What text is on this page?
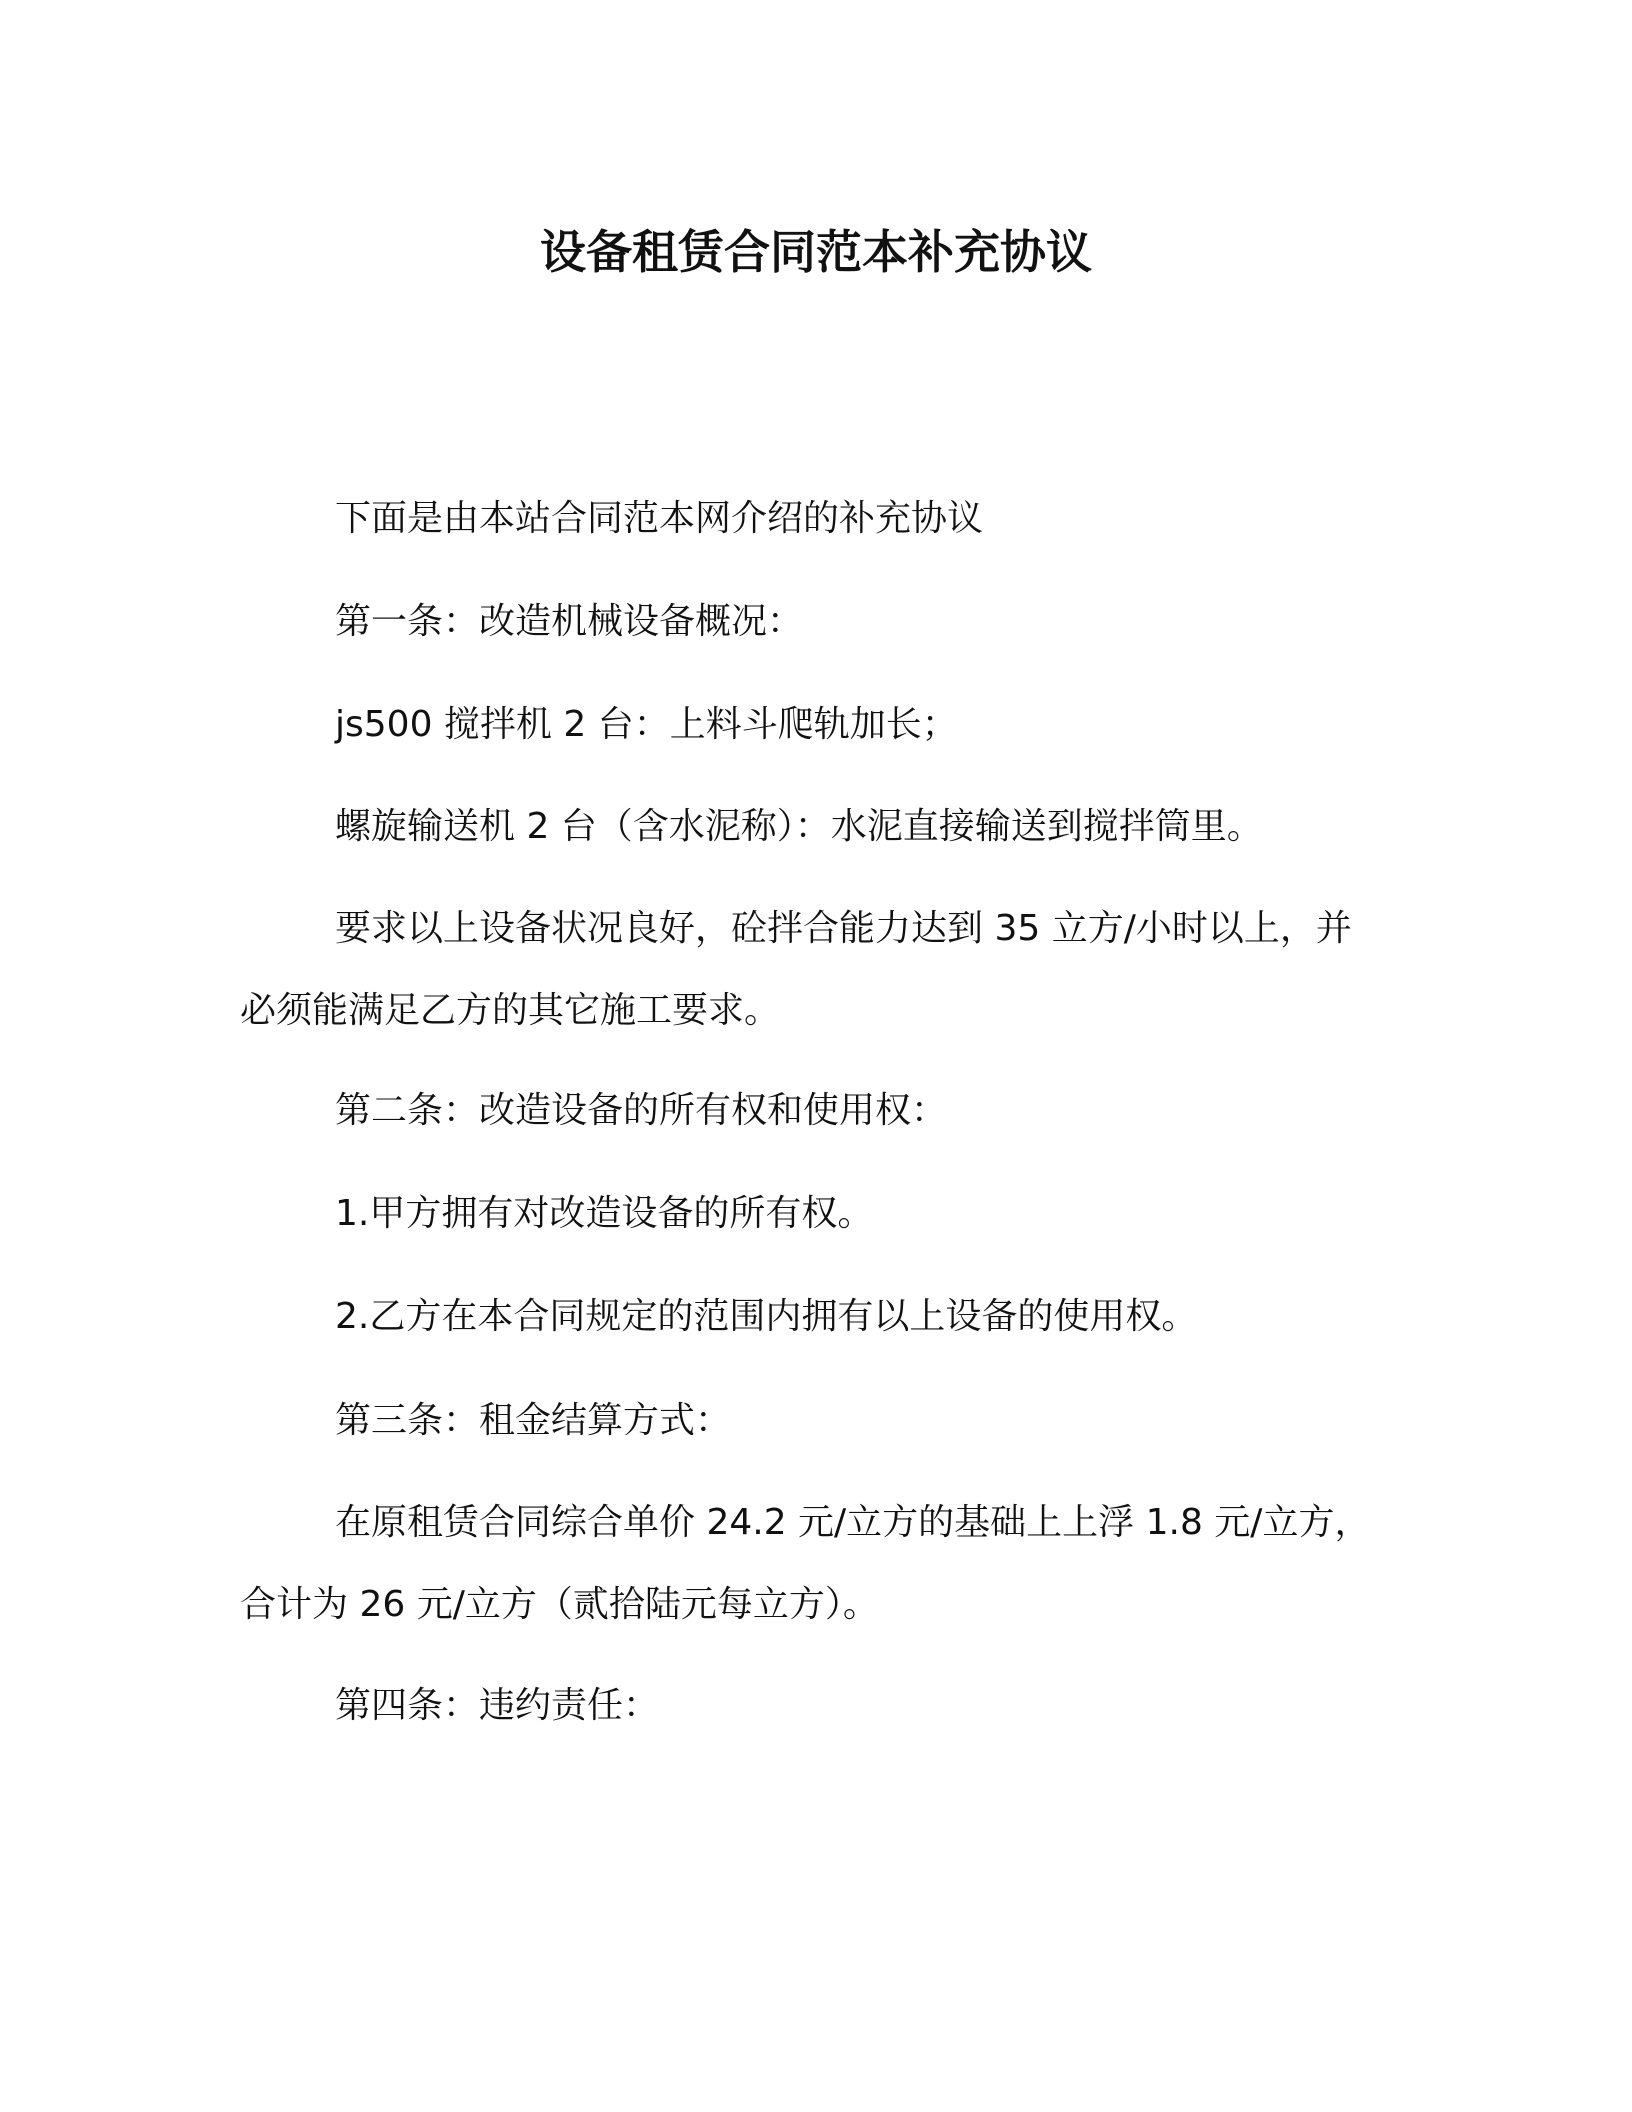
设备租赁合同范本补充协议
下面是由本站合同范本网介绍的补充协议
第一条：改造机械设备概况：
js500 搅拌机 2 台：上料斗爬轨加长；
螺旋输送机 2 台（含水泥称）：水泥直接输送到搅拌筒里。
要求以上设备状况良好，砼拌合能力达到 35 立方/小时以上，并
必须能满足乙方的其它施工要求。
第二条：改造设备的所有权和使用权：
1.甲方拥有对改造设备的所有权。
2.乙方在本合同规定的范围内拥有以上设备的使用权。
第三条：租金结算方式：
在原租赁合同综合单价 24.2 元/立方的基础上上浮 1.8 元/立方，
合计为 26 元/立方（贰拾陆元每立方）。
第四条：违约责任：
